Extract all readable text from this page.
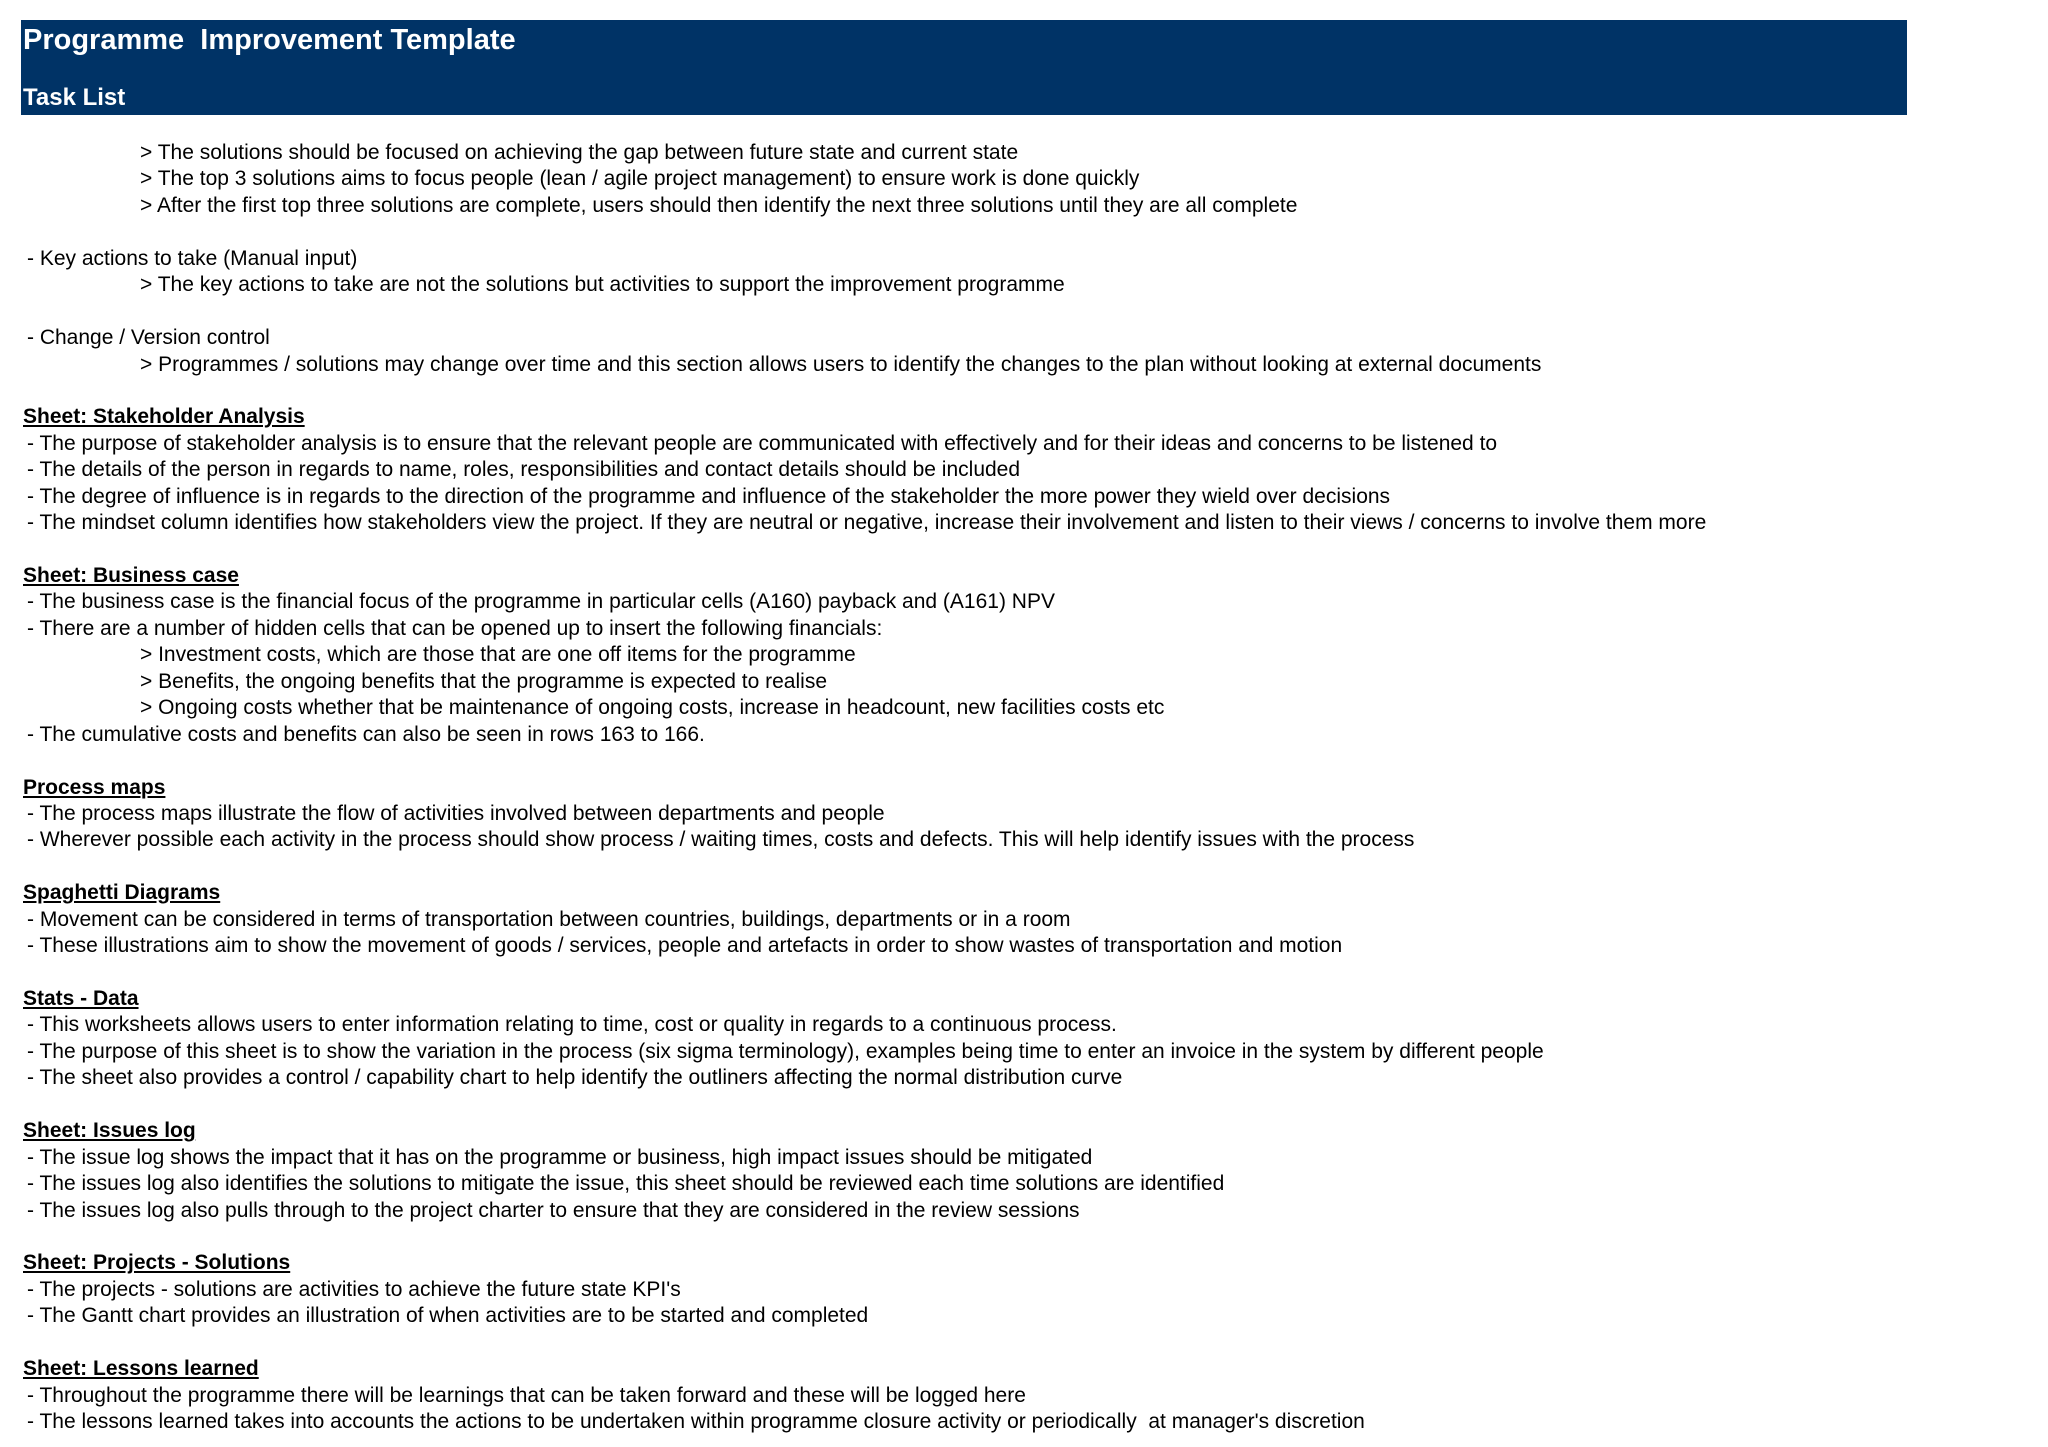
Programme  Improvement Template
Task List
> The solutions should be focused on achieving the gap between future state and current state
> The top 3 solutions aims to focus people (lean / agile project management) to ensure work is done quickly
> After the first top three solutions are complete, users should then identify the next three solutions until they are all complete
- Key actions to take (Manual input)
> The key actions to take are not the solutions but activities to support the improvement programme
- Change / Version control
> Programmes / solutions may change over time and this section allows users to identify the changes to the plan without looking at external documents
Sheet: Stakeholder Analysis
- The purpose of stakeholder analysis is to ensure that the relevant people are communicated with effectively and for their ideas and concerns to be listened to
- The details of the person in regards to name, roles, responsibilities and contact details should be included
- The degree of influence is in regards to the direction of the programme and influence of the stakeholder the more power they wield over decisions
- The mindset column identifies how stakeholders view the project. If they are neutral or negative, increase their involvement and listen to their views / concerns to involve them more
Sheet: Business case
- The business case is the financial focus of the programme in particular cells (A160) payback and (A161) NPV
- There are a number of hidden cells that can be opened up to insert the following financials:
> Investment costs, which are those that are one off items for the programme
> Benefits, the ongoing benefits that the programme is expected to realise
> Ongoing costs whether that be maintenance of ongoing costs, increase in headcount, new facilities costs etc
- The cumulative costs and benefits can also be seen in rows 163 to 166.
Process maps
- The process maps illustrate the flow of activities involved between departments and people
- Wherever possible each activity in the process should show process / waiting times, costs and defects. This will help identify issues with the process
Spaghetti Diagrams
- Movement can be considered in terms of transportation between countries, buildings, departments or in a room
- These illustrations aim to show the movement of goods / services, people and artefacts in order to show wastes of transportation and motion
Stats - Data
- This worksheets allows users to enter information relating to time, cost or quality in regards to a continuous process.
- The purpose of this sheet is to show the variation in the process (six sigma terminology), examples being time to enter an invoice in the system by different people
- The sheet also provides a control / capability chart to help identify the outliners affecting the normal distribution curve
Sheet: Issues log
- The issue log shows the impact that it has on the programme or business, high impact issues should be mitigated
- The issues log also identifies the solutions to mitigate the issue, this sheet should be reviewed each time solutions are identified
- The issues log also pulls through to the project charter to ensure that they are considered in the review sessions
Sheet: Projects - Solutions
- The projects - solutions are activities to achieve the future state KPI's
- The Gantt chart provides an illustration of when activities are to be started and completed
Sheet: Lessons learned
- Throughout the programme there will be learnings that can be taken forward and these will be logged here
- The lessons learned takes into accounts the actions to be undertaken within programme closure activity or periodically  at manager's discretion
